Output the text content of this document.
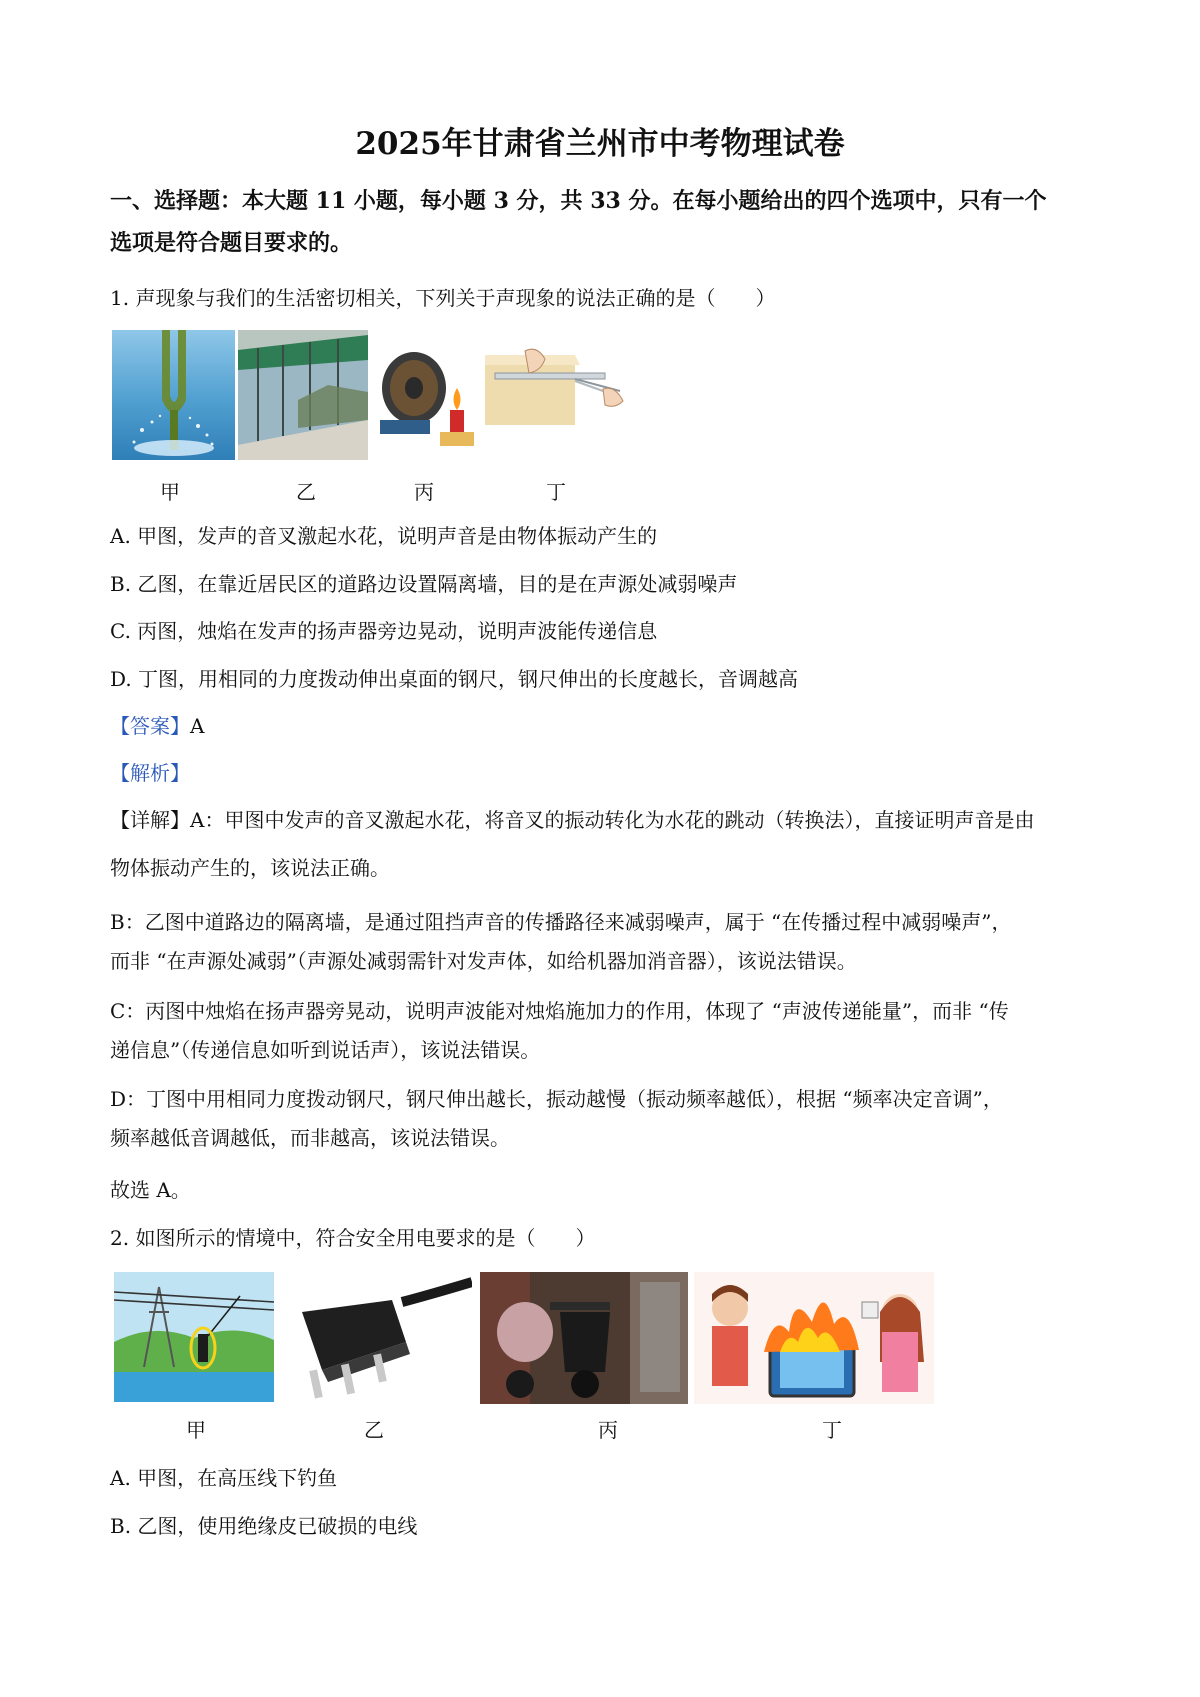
2025年甘肃省兰州市中考物理试卷
一、选择题：本大题 11 小题，每小题 3 分，共 33 分。在每小题给出的四个选项中，只有一个
选项是符合题目要求的。
1. 声现象与我们的生活密切相关，下列关于声现象的说法正确的是（　　）
甲	乙	丙	丁
A. 甲图，发声的音叉激起水花，说明声音是由物体振动产生的
B. 乙图，在靠近居民区的道路边设置隔离墙，目的是在声源处减弱噪声
C. 丙图，烛焰在发声的扬声器旁边晃动，说明声波能传递信息
D. 丁图，用相同的力度拨动伸出桌面的钢尺，钢尺伸出的长度越长，音调越高
【答案】A
【解析】
【详解】A：甲图中发声的音叉激起水花，将音叉的振动转化为水花的跳动（转换法），直接证明声音是由
物体振动产生的，该说法正确。
B：乙图中道路边的隔离墙，是通过阻挡声音的传播路径来减弱噪声，属于 “在传播过程中减弱噪声”，
而非 “在声源处减弱”（声源处减弱需针对发声体，如给机器加消音器），该说法错误。
C：丙图中烛焰在扬声器旁晃动，说明声波能对烛焰施加力的作用，体现了 “声波传递能量”，而非 “传
递信息”（传递信息如听到说话声），该说法错误。
D：丁图中用相同力度拨动钢尺，钢尺伸出越长，振动越慢（振动频率越低），根据 “频率决定音调”，
频率越低音调越低，而非越高，该说法错误。
故选 A。
2. 如图所示的情境中，符合安全用电要求的是（　　）
甲	乙	丙	丁
A. 甲图，在高压线下钓鱼
B. 乙图，使用绝缘皮已破损的电线
